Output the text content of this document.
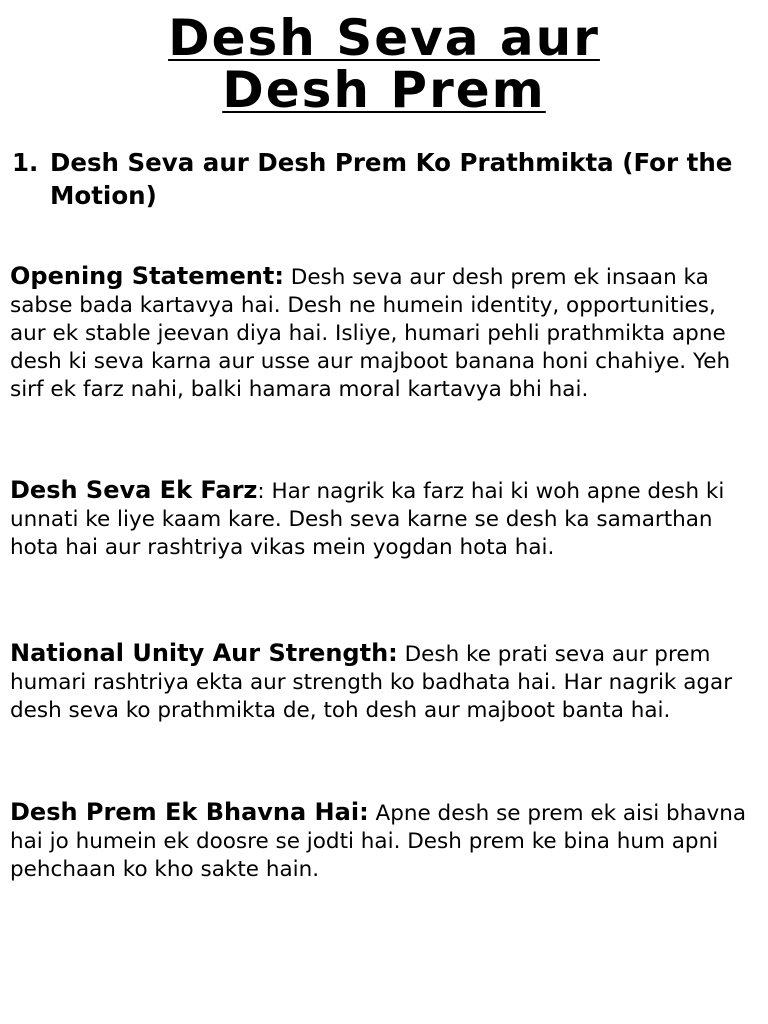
Desh Seva aur
Desh Prem
1. Desh Seva aur Desh Prem Ko Prathmikta (For the Motion)

Opening Statement: Desh seva aur desh prem ek insaan ka sabse bada kartavya hai. Desh ne humein identity, opportunities, aur ek stable jeevan diya hai. Isliye, humari pehli prathmikta apne desh ki seva karna aur usse aur majboot banana honi chahiye. Yeh sirf ek farz nahi, balki hamara moral kartavya bhi hai.

Desh Seva Ek Farz: Har nagrik ka farz hai ki woh apne desh ki unnati ke liye kaam kare. Desh seva karne se desh ka samarthan hota hai aur rashtriya vikas mein yogdan hota hai.

National Unity Aur Strength: Desh ke prati seva aur prem humari rashtriya ekta aur strength ko badhata hai. Har nagrik agar desh seva ko prathmikta de, toh desh aur majboot banta hai.

Desh Prem Ek Bhavna Hai: Apne desh se prem ek aisi bhavna hai jo humein ek doosre se jodti hai. Desh prem ke bina hum apni pehchaan ko kho sakte hain.
